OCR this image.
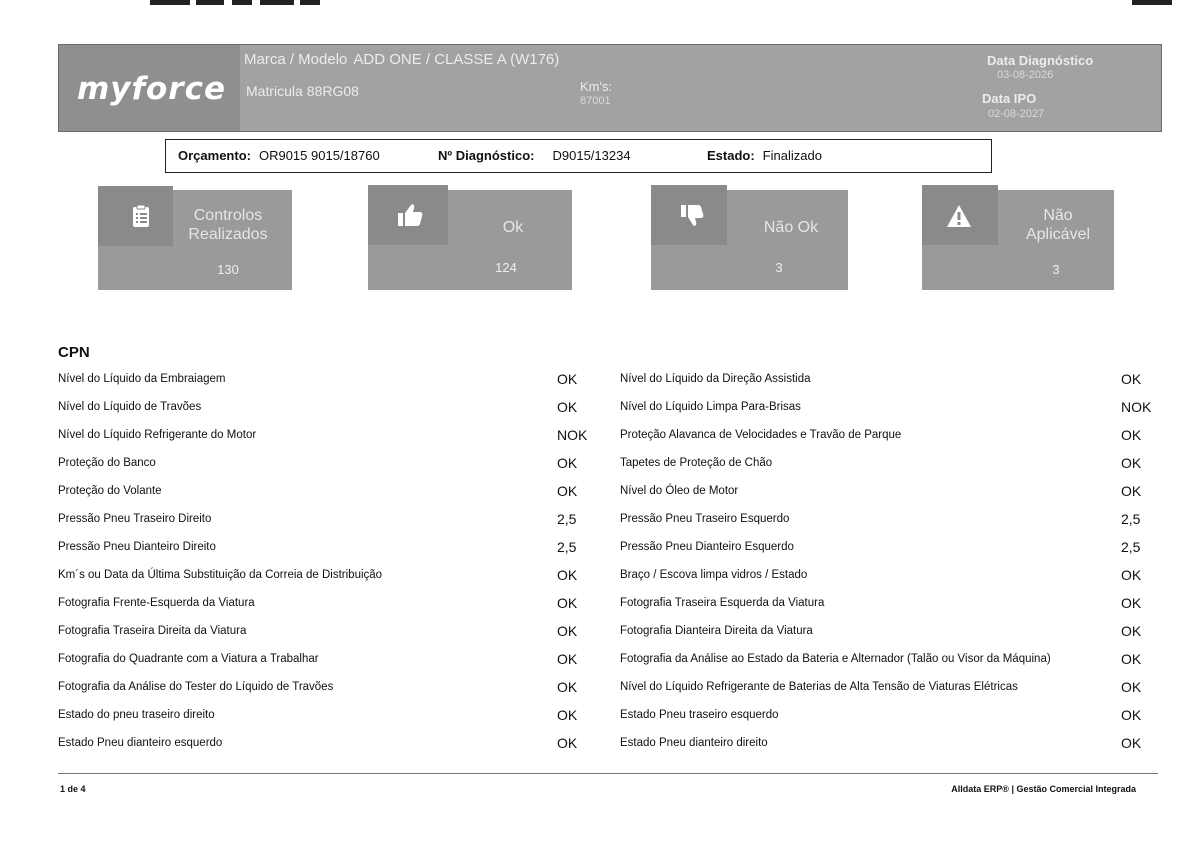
myforce
Marca / Modelo ADD ONE / CLASSE A (W176)
Matricula 88RG08	Km's:
87001
Data Diagnóstico
03-08-2026
Data IPO
02-08-2027
Orçamento: OR9015 9015/18760	Nº Diagnóstico: D9015/13234	Estado: Finalizado
Controlos
Realizados
130
Ok
124
Não Ok
3
Não
Aplicável
3
CPN
Nível do Líquido da Embraiagem	OK
Nível do Líquido de Travões	OK
Nível do Líquido Refrigerante do Motor	NOK
Proteção do Banco	OK
Proteção do Volante	OK
Pressão Pneu Traseiro Direito	2,5
Pressão Pneu Dianteiro Direito	2,5
Km´s ou Data da Última Substituição da Correia de Distribuição	OK
Fotografia Frente-Esquerda da Viatura	OK
Fotografia Traseira Direita da Viatura	OK
Fotografia do Quadrante com a Viatura a Trabalhar	OK
Fotografia da Análise do Tester do Líquido de Travões	OK
Estado do pneu traseiro direito	OK
Estado Pneu dianteiro esquerdo	OK
Nível do Líquido da Direção Assistida	OK
Nível do Líquido Limpa Para-Brisas	NOK
Proteção Alavanca de Velocidades e Travão de Parque	OK
Tapetes de Proteção de Chão	OK
Nível do Óleo de Motor	OK
Pressão Pneu Traseiro Esquerdo	2,5
Pressão Pneu Dianteiro Esquerdo	2,5
Braço / Escova limpa vidros / Estado	OK
Fotografia Traseira Esquerda da Viatura	OK
Fotografia Dianteira Direita da Viatura	OK
Fotografia da Análise ao Estado da Bateria e Alternador (Talão ou Visor da Máquina)	OK
Nível do Líquido Refrigerante de Baterias de Alta Tensão de Viaturas Elétricas	OK
Estado Pneu traseiro esquerdo	OK
Estado Pneu dianteiro direito	OK
1 de 4	Alldata ERP® | Gestão Comercial Integrada
